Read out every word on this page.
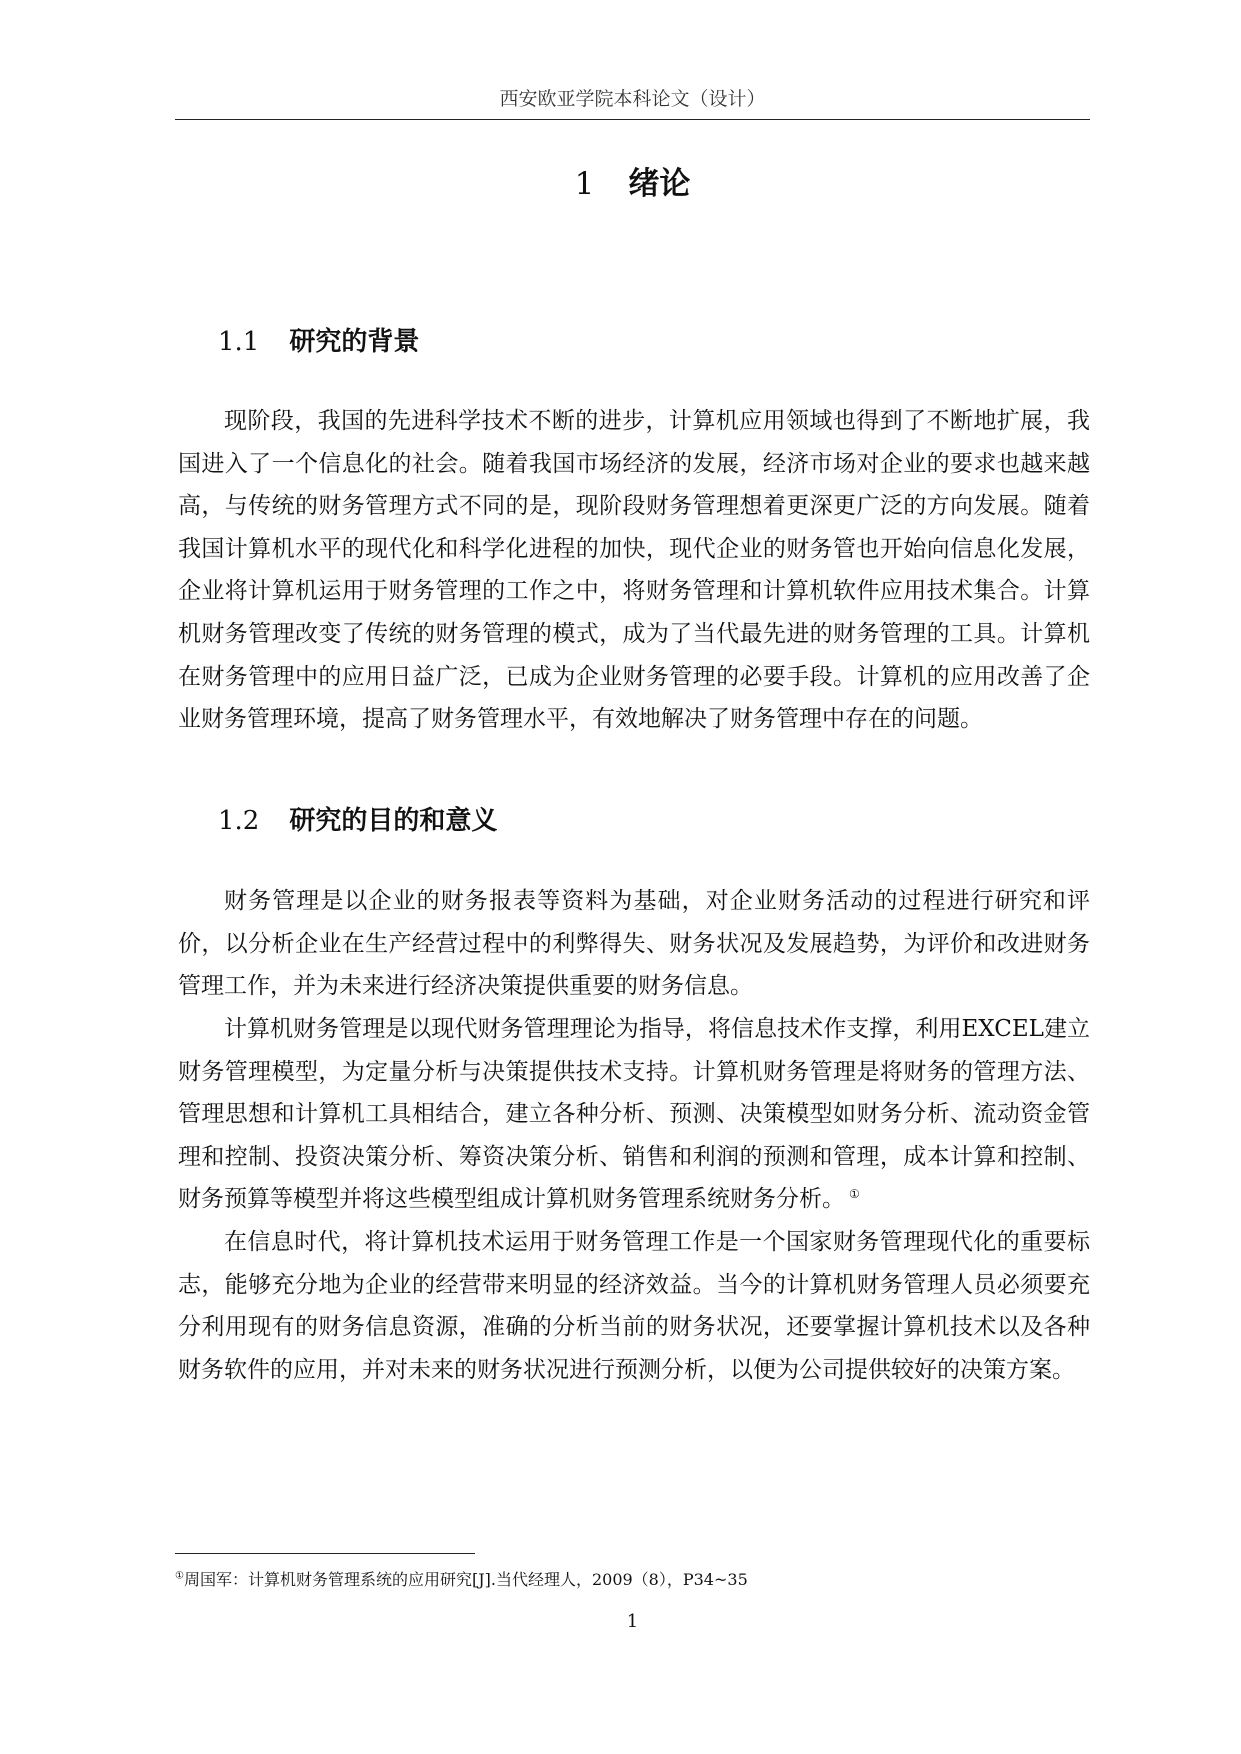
西安欧亚学院本科论文（设计）
1 绪论
1.1 研究的背景

现阶段，我国的先进科学技术不断的进步，计算机应用领域也得到了不断地扩展，我国进入了一个信息化的社会。随着我国市场经济的发展，经济市场对企业的要求也越来越高，与传统的财务管理方式不同的是，现阶段财务管理想着更深更广泛的方向发展。随着我国计算机水平的现代化和科学化进程的加快，现代企业的财务管也开始向信息化发展，企业将计算机运用于财务管理的工作之中，将财务管理和计算机软件应用技术集合。计算机财务管理改变了传统的财务管理的模式，成为了当代最先进的财务管理的工具。计算机在财务管理中的应用日益广泛，已成为企业财务管理的必要手段。计算机的应用改善了企业财务管理环境，提高了财务管理水平，有效地解决了财务管理中存在的问题。

1.2 研究的目的和意义

财务管理是以企业的财务报表等资料为基础，对企业财务活动的过程进行研究和评价，以分析企业在生产经营过程中的利弊得失、财务状况及发展趋势，为评价和改进财务管理工作，并为未来进行经济决策提供重要的财务信息。

计算机财务管理是以现代财务管理理论为指导，将信息技术作支撑，利用EXCEL建立财务管理模型，为定量分析与决策提供技术支持。计算机财务管理是将财务的管理方法、管理思想和计算机工具相结合，建立各种分析、预测、决策模型如财务分析、流动资金管理和控制、投资决策分析、筹资决策分析、销售和利润的预测和管理，成本计算和控制、财务预算等模型并将这些模型组成计算机财务管理系统财务分析。 ①

在信息时代，将计算机技术运用于财务管理工作是一个国家财务管理现代化的重要标志，能够充分地为企业的经营带来明显的经济效益。当今的计算机财务管理人员必须要充分利用现有的财务信息资源，准确的分析当前的财务状况，还要掌握计算机技术以及各种财务软件的应用，并对未来的财务状况进行预测分析，以便为公司提供较好的决策方案。

①周国军：计算机财务管理系统的应用研究[J].当代经理人，2009（8），P34~35
1
